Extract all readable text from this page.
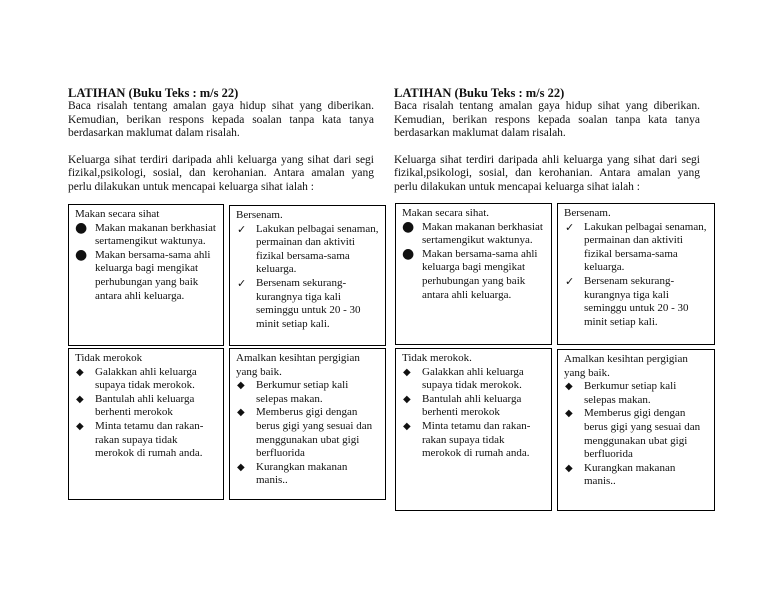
LATIHAN (Buku Teks : m/s 22)

Baca risalah tentang amalan gaya hidup sihat yang diberikan. Kemudian, berikan respons kepada soalan tanpa kata tanya berdasarkan maklumat dalam risalah.

Keluarga sihat terdiri daripada ahli keluarga yang sihat dari segi fizikal,psikologi, sosial, dan kerohanian. Antara amalan yang perlu dilakukan untuk mencapai keluarga sihat ialah :

Makan secara sihat

● Makan makanan berkhasiat sertamengikut waktunya.
● Makan bersama-sama ahli keluarga bagi mengikat perhubungan yang baik antara ahli keluarga.

Bersenam.

✓ Lakukan pelbagai senaman, permainan dan aktiviti fizikal bersama-sama keluarga.
✓ Bersenam sekurang-kurangnya tiga kali seminggu untuk 20 - 30 minit setiap kali.

Tidak merokok

◆	Galakkan ahli keluarga supaya tidak merokok.
◆	Bantulah ahli keluarga berhenti merokok
◆	Minta tetamu dan rakan-rakan supaya tidak merokok di rumah anda.

Amalkan kesihtan pergigian yang baik.

◆	Berkumur setiap kali selepas makan.
◆	Memberus gigi dengan berus gigi yang sesuai dan menggunakan ubat gigi berfluorida
◆	Kurangkan makanan manis..

LATIHAN (Buku Teks : m/s 22)

Baca risalah tentang amalan gaya hidup sihat yang diberikan. Kemudian, berikan respons kepada soalan tanpa kata tanya berdasarkan maklumat dalam risalah.

Keluarga sihat terdiri daripada ahli keluarga yang sihat dari segi fizikal,psikologi, sosial, dan kerohanian. Antara amalan yang perlu dilakukan untuk mencapai keluarga sihat ialah :

Makan secara sihat.

● Makan makanan berkhasiat sertamengikut waktunya.
● Makan bersama-sama ahli keluarga bagi mengikat perhubungan yang baik antara ahli keluarga.

Bersenam.

✓ Lakukan pelbagai senaman, permainan dan aktiviti fizikal bersama-sama keluarga.
✓ Bersenam sekurang-kurangnya tiga kali seminggu untuk 20 - 30 minit setiap kali.

Tidak merokok.

◆	Galakkan ahli keluarga supaya tidak merokok.
◆	Bantulah ahli keluarga berhenti merokok
◆	Minta tetamu dan rakan-rakan supaya tidak merokok di rumah anda.

Amalkan kesihtan pergigian yang baik.

◆	Berkumur setiap kali selepas makan.
◆	Memberus gigi dengan berus gigi yang sesuai dan menggunakan ubat gigi berfluorida
◆	Kurangkan makanan manis..
